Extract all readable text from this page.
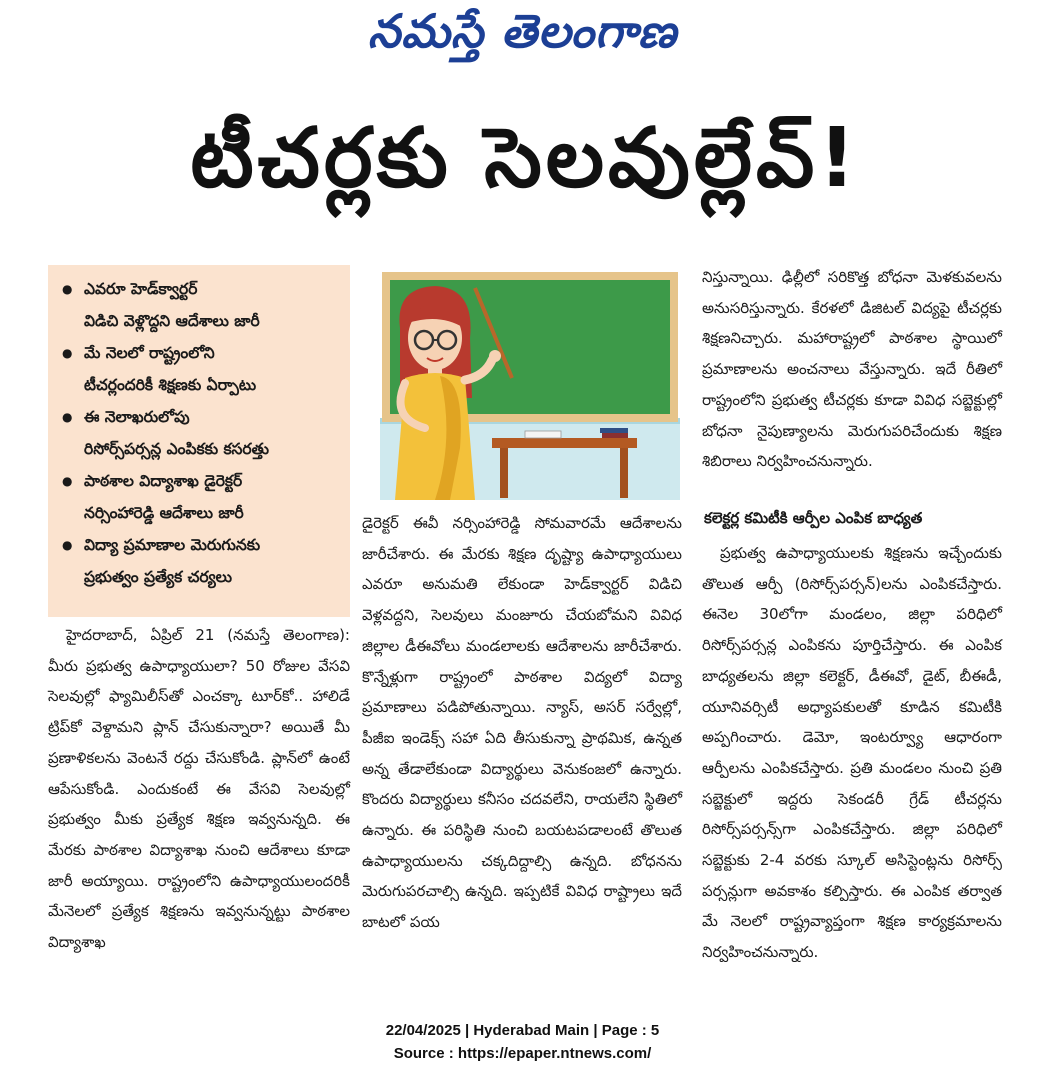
నమస్తే తెలంగాణ
టీచర్లకు సెలవుల్లేవ్‌!
● ఎవరూ హెడ్‌క్వార్టర్‌
విడిచి వెళ్లొద్దని ఆదేశాలు జారీ
● మే నెలలో రాష్ట్రంలోని
టీచర్లందరికీ శిక్షణకు ఏర్పాటు
● ఈ నెలాఖరులోపు
రిసోర్స్‌పర్సన్ల ఎంపికకు కసరత్తు
● పాఠశాల విద్యాశాఖ డైరెక్టర్‌
నర్సింహారెడ్డి ఆదేశాలు జారీ
● విద్యా ప్రమాణాల మెరుగునకు
ప్రభుత్వం ప్రత్యేక చర్యలు

హైదరాబాద్‌, ఏప్రిల్‌ 21 (నమస్తే తెలంగాణ): మీరు ప్రభుత్వ ఉపాధ్యాయులా? 50 రోజుల వేసవి సెలవుల్లో ఫ్యామిలీస్‌తో ఎంచక్కా టూర్‌కో.. హాలిడే ట్రిప్‌కో వెళ్దామని ప్లాన్‌ చేసుకున్నారా? అయితే మీ ప్రణాళికలను వెంటనే రద్దు చేసుకోండి. ప్లాన్‌లో ఉంటే ఆపేసుకోండి. ఎందుకంటే ఈ వేసవి సెలవుల్లో ప్రభుత్వం మీకు ప్రత్యేక శిక్షణ ఇవ్వనున్నది. ఈ మేరకు పాఠశాల విద్యాశాఖ నుంచి ఆదేశాలు కూడా జారీ అయ్యాయి. రాష్ట్రంలోని ఉపాధ్యాయులందరికీ మేనెలలో ప్రత్యేక శిక్షణను ఇవ్వనున్నట్టు పాఠశాల విద్యాశాఖ

డైరెక్టర్‌ ఈవీ నర్సింహారెడ్డి సోమవారమే ఆదేశాలను జారీచేశారు. ఈ మేరకు శిక్షణ దృష్ట్యా ఉపాధ్యాయులు ఎవరూ అనుమతి లేకుండా హెడ్‌క్వార్టర్‌ విడిచి వెళ్లవద్దని, సెలవులు మంజూరు చేయబోమని వివిధ జిల్లాల డీఈవోలు మండలాలకు ఆదేశాలను జారీచేశారు. కొన్నేళ్లుగా రాష్ట్రంలో పాఠశాల విద్యలో విద్యా ప్రమాణాలు పడిపోతున్నాయి. న్యాస్‌, అసర్‌ సర్వేల్లో, పీజీఐ ఇండెక్స్‌ సహా ఏది తీసుకున్నా ప్రాథమిక, ఉన్నత అన్న తేడాలేకుండా విద్యార్థులు వెనుకంజలో ఉన్నారు. కొందరు విద్యార్థులు కనీసం చదవలేని, రాయలేని స్థితిలో ఉన్నారు. ఈ పరిస్థితి నుంచి బయటపడాలంటే తొలుత ఉపాధ్యాయులను చక్కదిద్దాల్సి ఉన్నది. బోధనను మెరుగుపరచాల్సి ఉన్నది. ఇప్పటికే వివిధ రాష్ట్రాలు ఇదే బాటలో పయ

నిస్తున్నాయి. ఢిల్లీలో సరికొత్త బోధనా మెళకువలను అనుసరిస్తున్నారు. కేరళలో డిజిటల్‌ విద్యపై టీచర్లకు శిక్షణనిచ్చారు. మహారాష్ట్రలో పాఠశాల స్థాయిలో ప్రమాణాలను అంచనాలు వేస్తున్నారు. ఇదే రీతిలో రాష్ట్రంలోని ప్రభుత్వ టీచర్లకు కూడా వివిధ సబ్జెక్టుల్లో బోధనా నైపుణ్యాలను మెరుగుపరిచేందుకు శిక్షణ శిబిరాలు నిర్వహించనున్నారు.

కలెక్టర్ల కమిటీకి ఆర్పీల ఎంపిక బాధ్యత

ప్రభుత్వ ఉపాధ్యాయులకు శిక్షణను ఇచ్చేందుకు తొలుత ఆర్పీ (రిసోర్స్‌పర్సన్‌)లను ఎంపికచేస్తారు. ఈనెల 30లోగా మండలం, జిల్లా పరిధిలో రిసోర్స్‌పర్సన్ల ఎంపికను పూర్తిచేస్తారు. ఈ ఎంపిక బాధ్యతలను జిల్లా కలెక్టర్‌, డీఈవో, డైట్‌, బీఈడీ, యూనివర్సిటీ అధ్యాపకులతో కూడిన కమిటీకి అప్పగించారు. డెమో, ఇంటర్వ్యూ ఆధారంగా ఆర్పీలను ఎంపికచేస్తారు. ప్రతి మండలం నుంచి ప్రతి సబ్జెక్టులో ఇద్దరు సెకండరీ గ్రేడ్‌ టీచర్లను రిసోర్స్‌పర్సన్స్‌గా ఎంపికచేస్తారు. జిల్లా పరిధిలో సబ్జెక్టుకు 2-4 వరకు స్కూల్‌ అసిస్టెంట్లను రిసోర్స్‌ పర్సన్లుగా అవకాశం కల్పిస్తారు. ఈ ఎంపిక తర్వాత మే నెలలో రాష్ట్రవ్యాప్తంగా శిక్షణ కార్యక్రమాలను నిర్వహించనున్నారు.

22/04/2025 | Hyderabad Main | Page : 5
Source : https://epaper.ntnews.com/
